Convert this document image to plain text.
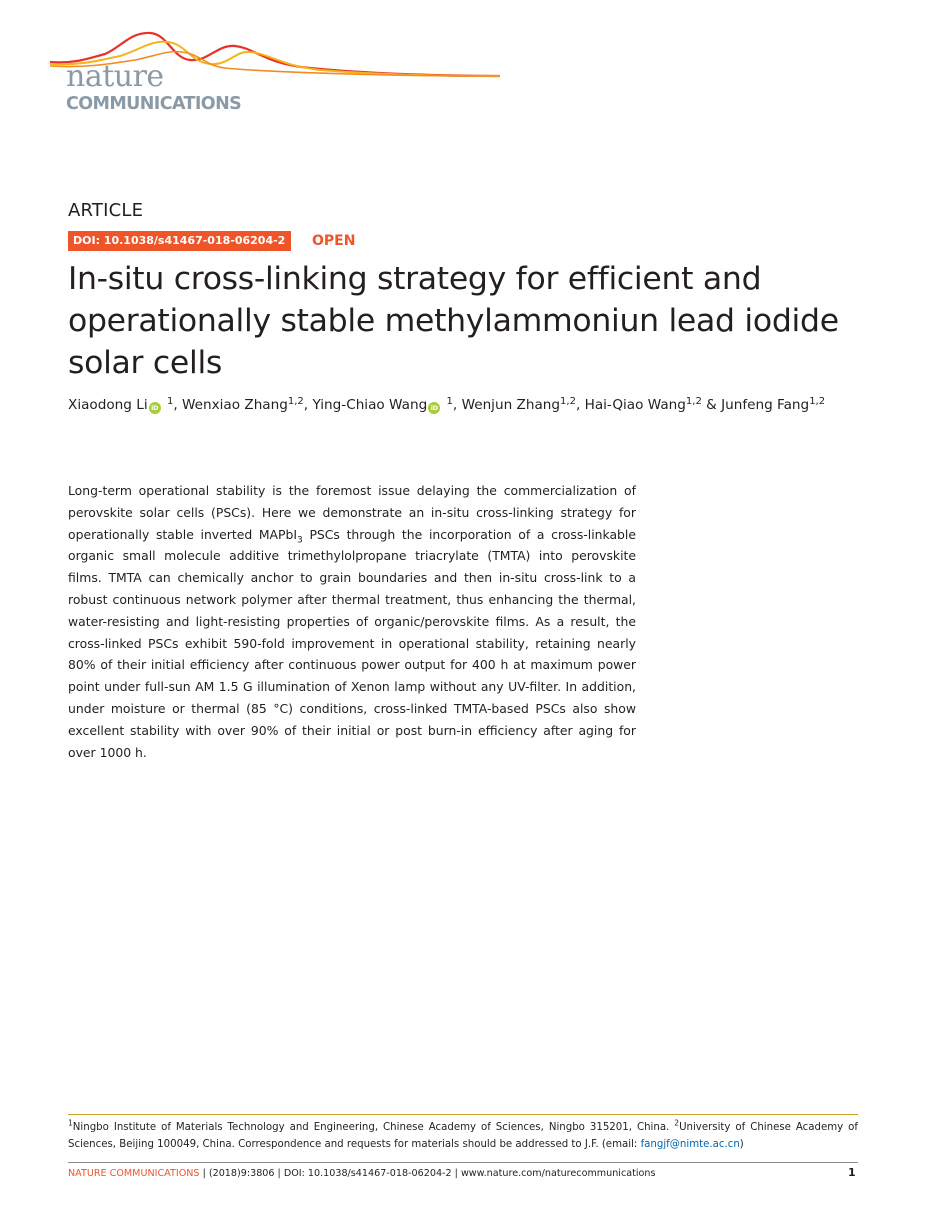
nature
COMMUNICATIONS
ARTICLE
DOI: 10.1038/s41467-018-06204-2	OPEN
In-situ cross-linking strategy for efficient and operationally stable methylammoniun lead iodide solar cells
Xiaodong Li iD $^1$, Wenxiao Zhang$^{1,2}$, Ying-Chiao Wang iD $^1$, Wenjun Zhang$^{1,2}$, Hai-Qiao Wang$^{1,2}$ & Junfeng Fang$^{1,2}$

Long-term operational stability is the foremost issue delaying the commercialization of perovskite solar cells (PSCs). Here we demonstrate an in-situ cross-linking strategy for operationally stable inverted MAPbI$_3$ PSCs through the incorporation of a cross-linkable organic small molecule additive trimethylolpropane triacrylate (TMTA) into perovskite films. TMTA can chemically anchor to grain boundaries and then in-situ cross-link to a robust continuous network polymer after thermal treatment, thus enhancing the thermal, water-resisting and light-resisting properties of organic/perovskite films. As a result, the cross-linked PSCs exhibit 590-fold improvement in operational stability, retaining nearly 80% of their initial efficiency after continuous power output for 400 h at maximum power point under full-sun AM 1.5 G illumination of Xenon lamp without any UV-filter. In addition, under moisture or thermal (85 °C) conditions, cross-linked TMTA-based PSCs also show excellent stability with over 90% of their initial or post burn-in efficiency after aging for over 1000 h.

$^1$Ningbo Institute of Materials Technology and Engineering, Chinese Academy of Sciences, Ningbo 315201, China. $^2$University of Chinese Academy of Sciences, Beijing 100049, China. Correspondence and requests for materials should be addressed to J.F. (email: fangjf@nimte.ac.cn)

NATURE COMMUNICATIONS | (2018)9:3806 | DOI: 10.1038/s41467-018-06204-2 | www.nature.com/naturecommunications	1
